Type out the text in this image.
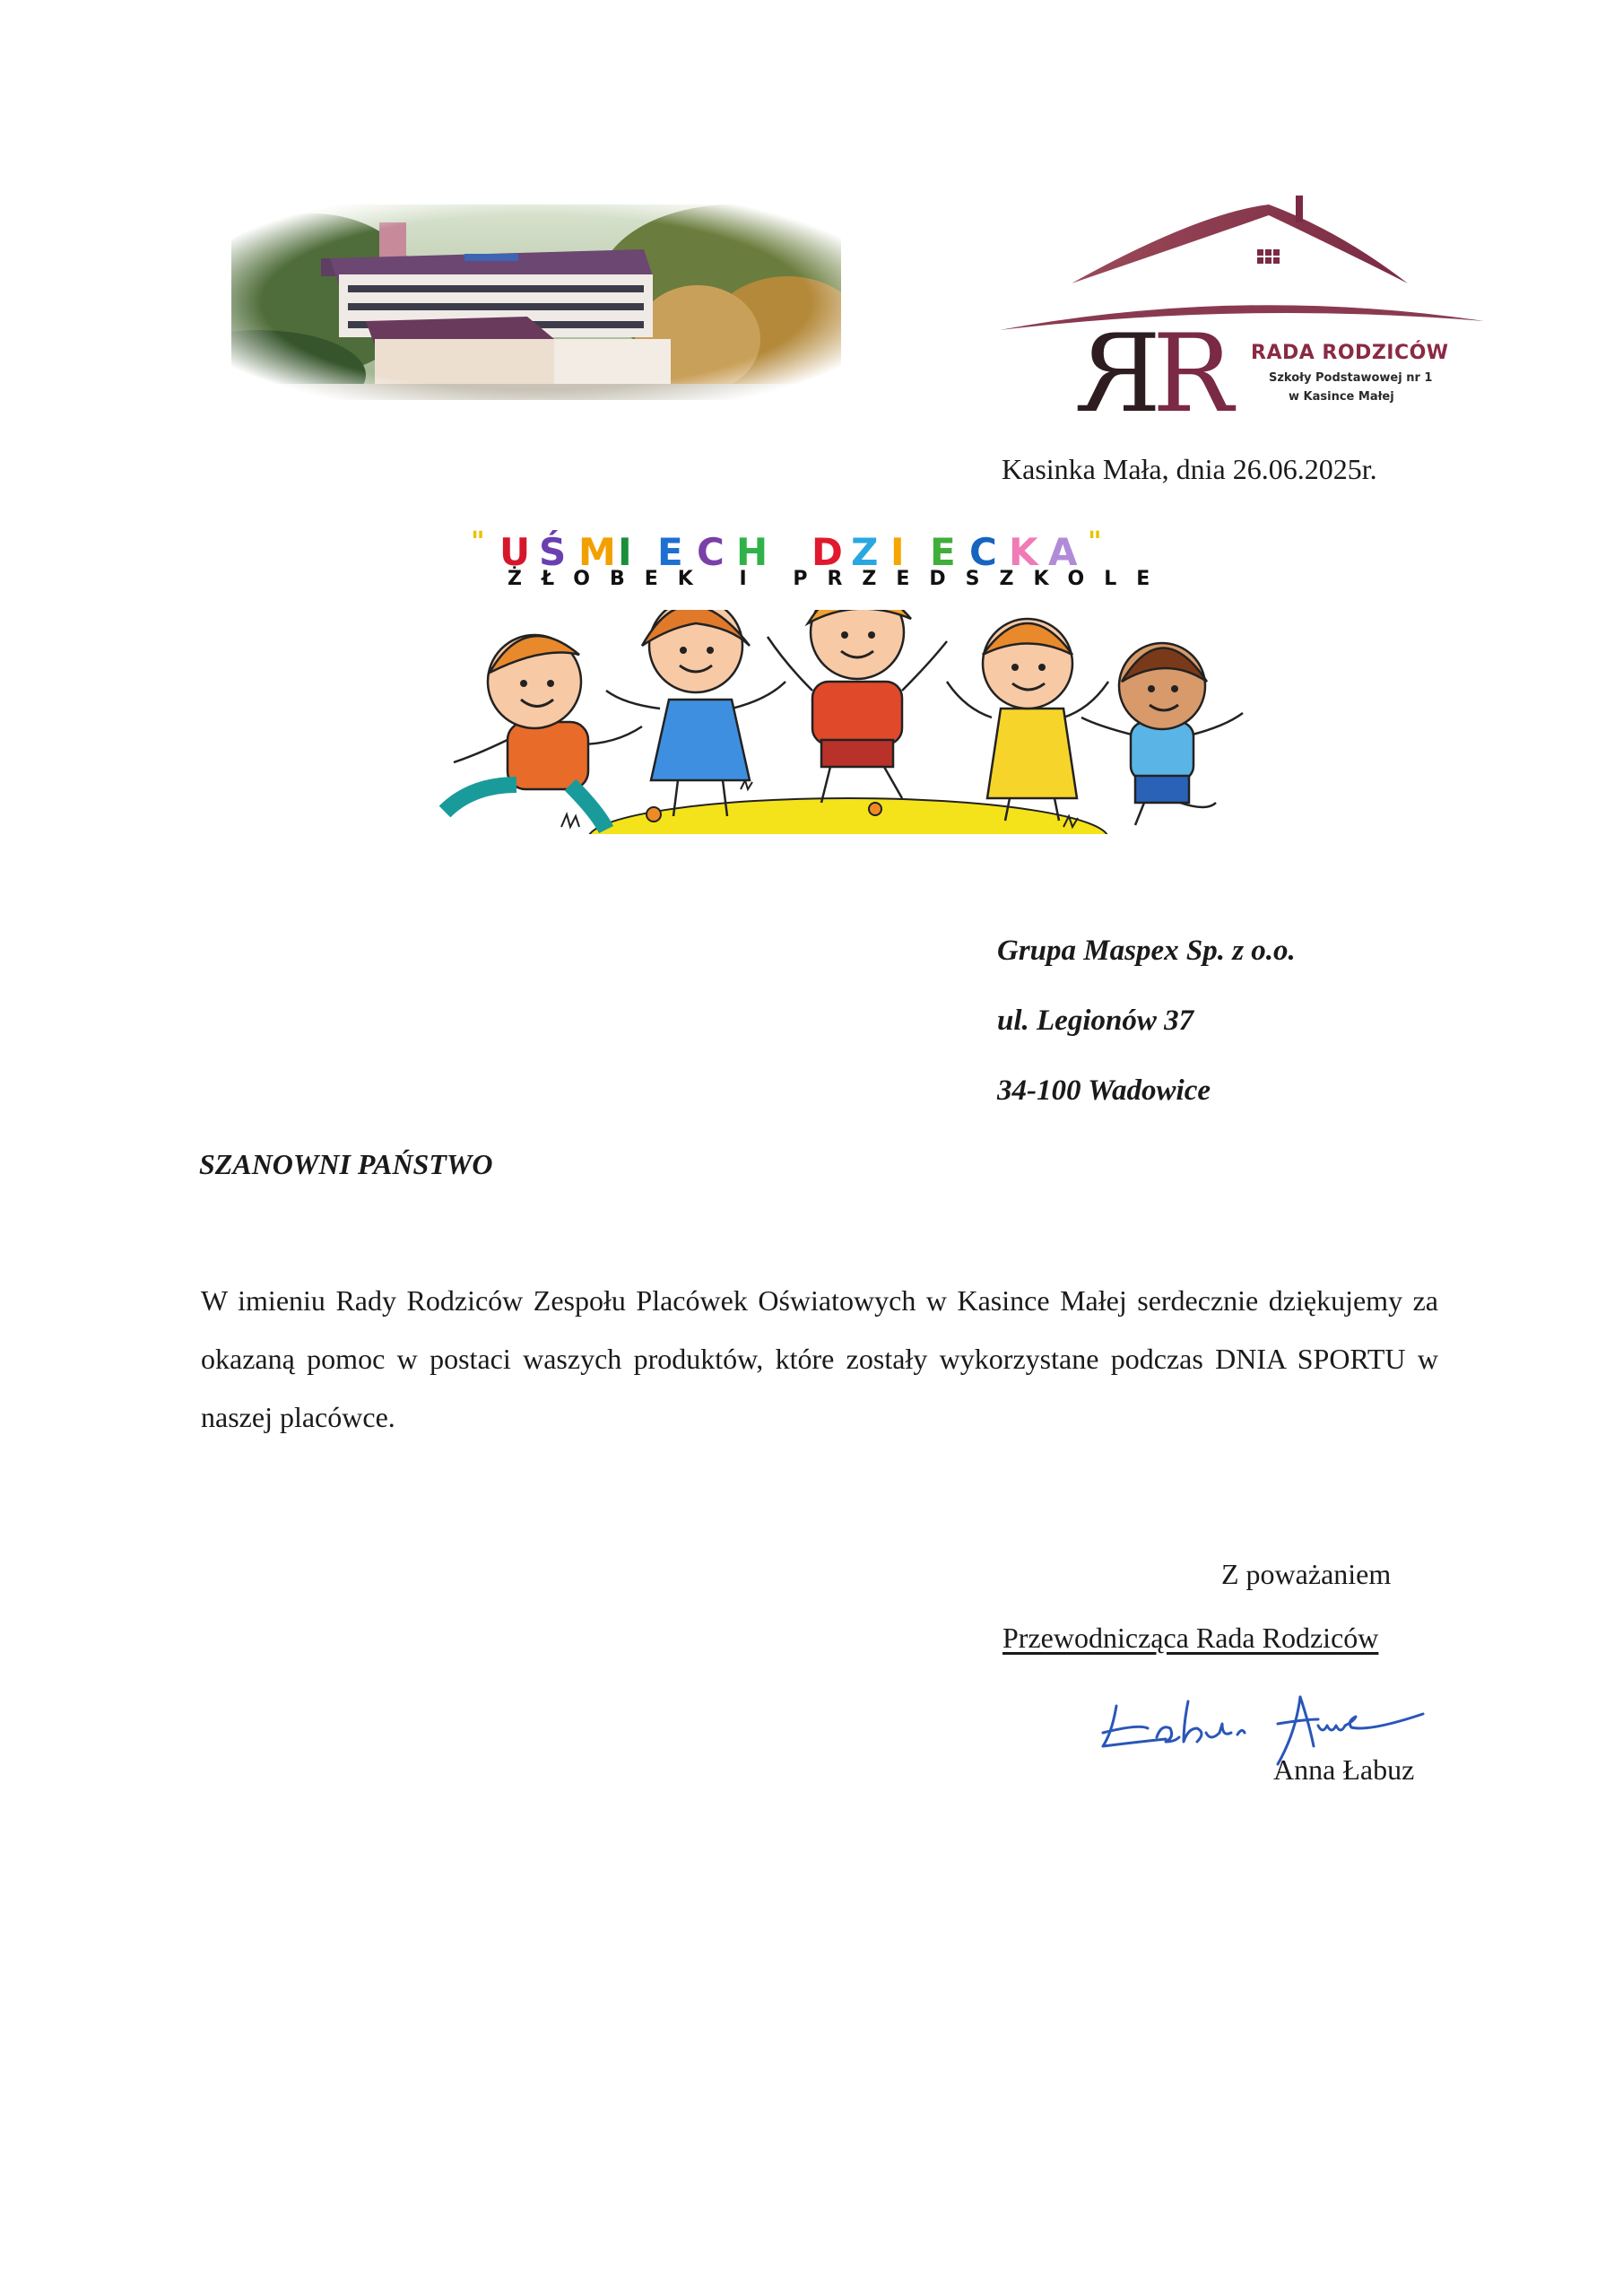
R
R RADA RODZICÓW
Szkoły Podstawowej nr 1
w Kasince Małej
Kasinka Mała, dnia 26.06.2025r.
" U Ś M I E C H D Z I E C K A "
ŻŁOBEK I PRZEDSZKOLE
Grupa Maspex Sp. z o.o.
ul. Legionów 37
34-100 Wadowice
SZANOWNI PAŃSTWO
W imieniu Rady Rodziców Zespołu Placówek Oświatowych w Kasince Małej serdecznie dziękujemy za okazaną pomoc w postaci waszych produktów, które zostały wykorzystane podczas DNIA SPORTU w naszej placówce.
Z poważaniem
Przewodnicząca Rada Rodziców
Anna Łabuz
